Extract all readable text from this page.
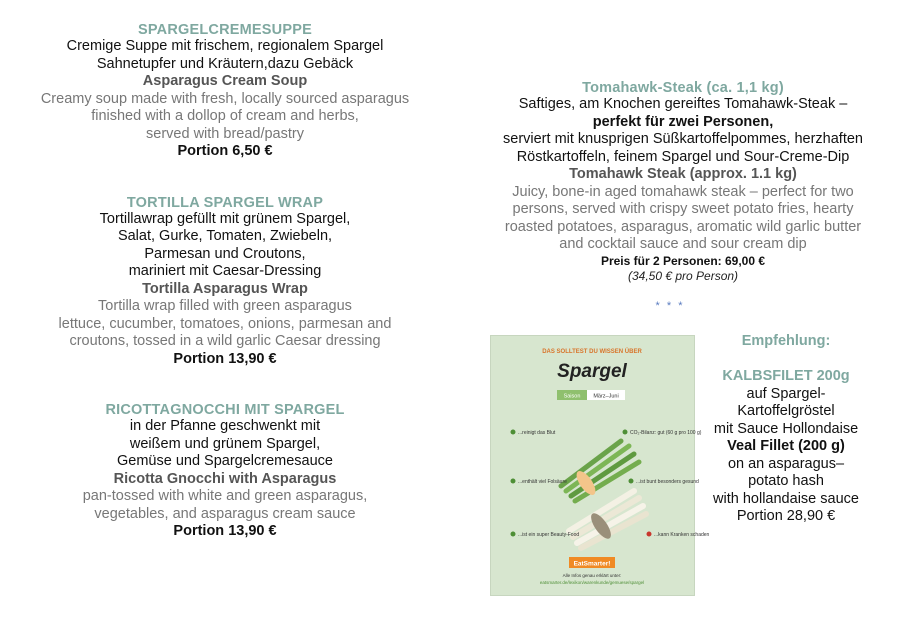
SPARGELCREMESUPPE
Cremige Suppe mit frischem, regionalem Spargel
Sahnetupfer und Kräutern,dazu Gebäck
Asparagus Cream Soup
Creamy soup made with fresh, locally sourced asparagus
finished with a dollop of cream and herbs,
served with bread/pastry
Portion 6,50 €
TORTILLA SPARGEL WRAP
Tortillawrap gefüllt mit grünem Spargel,
Salat, Gurke, Tomaten, Zwiebeln,
Parmesan und Croutons,
mariniert mit Caesar-Dressing
Tortilla Asparagus Wrap
Tortilla wrap filled with green asparagus
lettuce, cucumber, tomatoes, onions, parmesan and
croutons, tossed in a wild garlic Caesar dressing
Portion 13,90 €
RICOTTAGNOCCHI MIT SPARGEL
in der Pfanne geschwenkt mit
weißem und grünem Spargel,
Gemüse und Spargelcremesauce
Ricotta Gnocchi with Asparagus
pan-tossed with white and green asparagus,
vegetables, and asparagus cream sauce
Portion 13,90 €
Tomahawk-Steak (ca. 1,1 kg)
Saftiges, am Knochen gereiftes Tomahawk-Steak –
perfekt für zwei Personen,
serviert mit knusprigen Süßkartoffelpommes, herzhaften
Röstkartoffeln, feinem Spargel und Sour-Creme-Dip
Tomahawk Steak (approx. 1.1 kg)
Juicy, bone-in aged tomahawk steak – perfect for two
persons, served with crispy sweet potato fries, hearty
roasted potatoes, asparagus, aromatic wild garlic butter
and cocktail sauce and sour cream dip
Preis für 2 Personen: 69,00 €
(34,50 € pro Person)
* * *
DAS SOLLTEST DU WISSEN ÜBER
Spargel
Saison März–Juni
...reinigt das Blut	CO₂-Bilanz: gut (60 g pro 100 g)
...enthält viel Folsäure	...ist bunt besonders gesund
...ist ein super Beauty-Food	...kann Kranken schaden
EatSmarter!
Alle Infos genau erklärt unter:
eatsmarter.de/lexikon/warenkunde/gemuese/spargel
Empfehlung:
KALBSFILET 200g
auf Spargel-
Kartoffelgröstel
mit Sauce Hollondaise
Veal Fillet (200 g)
on an asparagus–
potato hash
with hollandaise sauce
Portion 28,90 €
